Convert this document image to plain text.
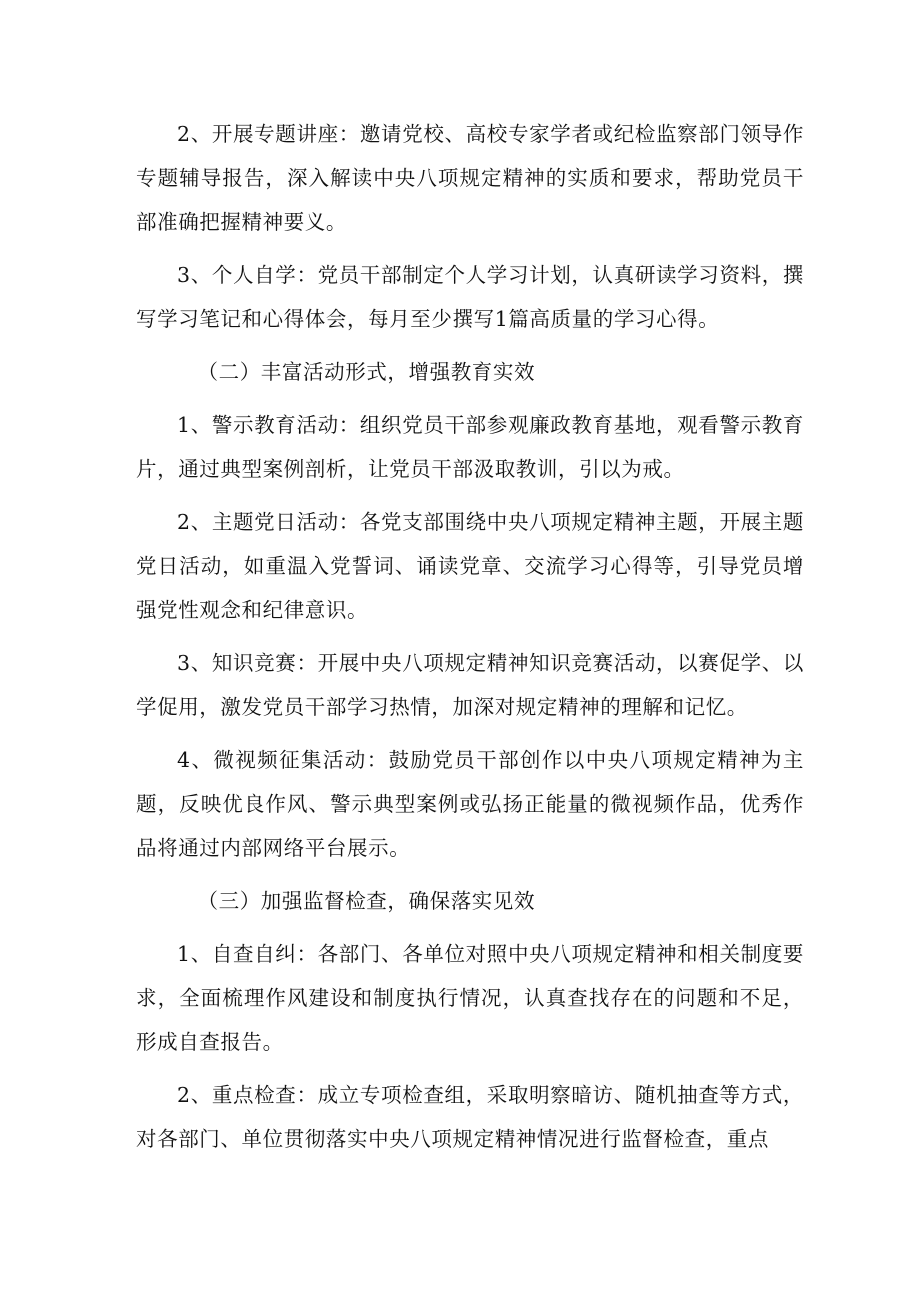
2、开展专题讲座：邀请党校、高校专家学者或纪检监察部门领导作专题辅导报告，深入解读中央八项规定精神的实质和要求，帮助党员干部准确把握精神要义。

3、个人自学：党员干部制定个人学习计划，认真研读学习资料，撰写学习笔记和心得体会，每月至少撰写1篇高质量的学习心得。

（二）丰富活动形式，增强教育实效

1、警示教育活动：组织党员干部参观廉政教育基地，观看警示教育片，通过典型案例剖析，让党员干部汲取教训，引以为戒。

2、主题党日活动：各党支部围绕中央八项规定精神主题，开展主题党日活动，如重温入党誓词、诵读党章、交流学习心得等，引导党员增强党性观念和纪律意识。

3、知识竞赛：开展中央八项规定精神知识竞赛活动，以赛促学、以学促用，激发党员干部学习热情，加深对规定精神的理解和记忆。

4、微视频征集活动：鼓励党员干部创作以中央八项规定精神为主题，反映优良作风、警示典型案例或弘扬正能量的微视频作品，优秀作品将通过内部网络平台展示。

（三）加强监督检查，确保落实见效

1、自查自纠：各部门、各单位对照中央八项规定精神和相关制度要求，全面梳理作风建设和制度执行情况，认真查找存在的问题和不足，形成自查报告。

2、重点检查：成立专项检查组，采取明察暗访、随机抽查等方式，对各部门、单位贯彻落实中央八项规定精神情况进行监督检查，重点
